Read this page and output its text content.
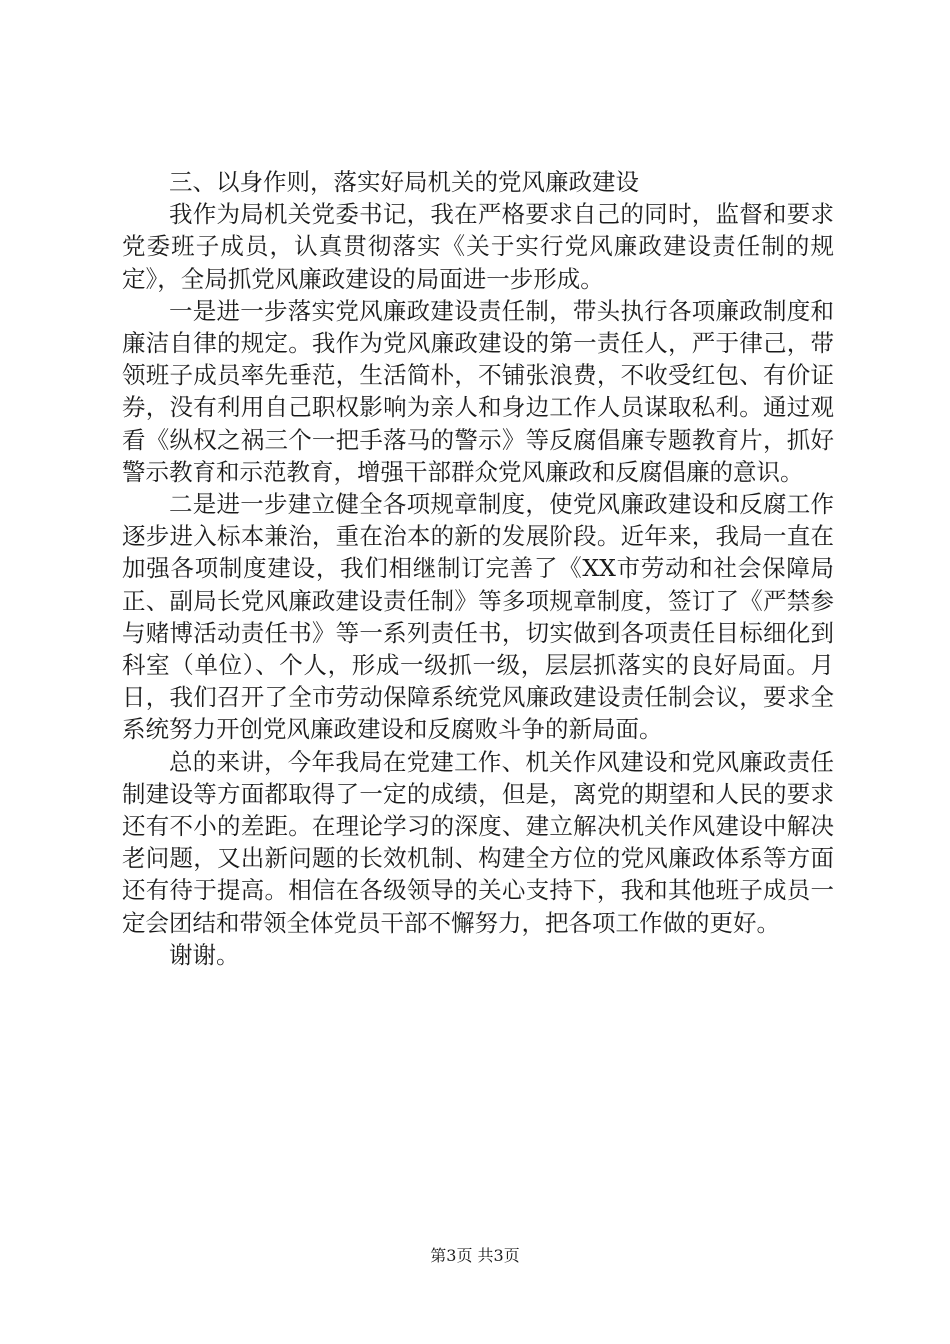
三、以身作则，落实好局机关的党风廉政建设

我作为局机关党委书记，我在严格要求自己的同时，监督和要求党委班子成员，认真贯彻落实《关于实行党风廉政建设责任制的规定》，全局抓党风廉政建设的局面进一步形成。

一是进一步落实党风廉政建设责任制，带头执行各项廉政制度和廉洁自律的规定。我作为党风廉政建设的第一责任人，严于律己，带领班子成员率先垂范，生活简朴，不铺张浪费，不收受红包、有价证券，没有利用自己职权影响为亲人和身边工作人员谋取私利。通过观看《纵权之祸三个一把手落马的警示》等反腐倡廉专题教育片，抓好警示教育和示范教育，增强干部群众党风廉政和反腐倡廉的意识。

二是进一步建立健全各项规章制度，使党风廉政建设和反腐工作逐步进入标本兼治，重在治本的新的发展阶段。近年来，我局一直在加强各项制度建设，我们相继制订完善了《XX市劳动和社会保障局正、副局长党风廉政建设责任制》等多项规章制度，签订了《严禁参与赌博活动责任书》等一系列责任书，切实做到各项责任目标细化到科室（单位）、个人，形成一级抓一级，层层抓落实的良好局面。月日，我们召开了全市劳动保障系统党风廉政建设责任制会议，要求全系统努力开创党风廉政建设和反腐败斗争的新局面。

总的来讲，今年我局在党建工作、机关作风建设和党风廉政责任制建设等方面都取得了一定的成绩，但是，离党的期望和人民的要求还有不小的差距。在理论学习的深度、建立解决机关作风建设中解决老问题，又出新问题的长效机制、构建全方位的党风廉政体系等方面还有待于提高。相信在各级领导的关心支持下，我和其他班子成员一定会团结和带领全体党员干部不懈努力，把各项工作做的更好。

谢谢。

第3页 共3页
